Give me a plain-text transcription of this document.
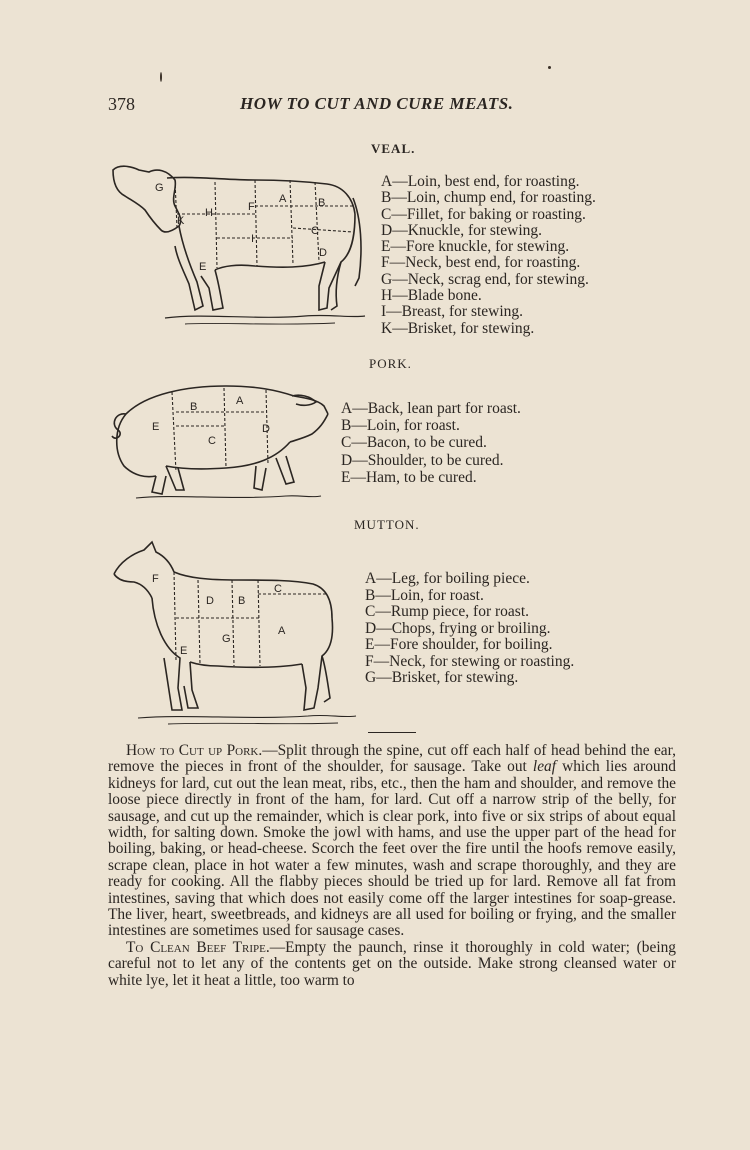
378	HOW TO CUT AND CURE MEATS.
VEAL.
G
K
H	F
A	B
I
C
E
D
A—Loin, best end, for roasting.
B—Loin, chump end, for roasting.
C—Fillet, for baking or roasting.
D—Knuckle, for stewing.
E—Fore knuckle, for stewing.
F—Neck, best end, for roasting.
G—Neck, scrag end, for stewing.
H—Blade bone.
I—Breast, for stewing.
K—Brisket, for stewing.
PORK.
B	A
E	D
C
A—Back, lean part for roast.
B—Loin, for roast.
C—Bacon, to be cured.
D—Shoulder, to be cured.
E—Ham, to be cured.
MUTTON.
F
D B
C
G
A
E
A—Leg, for boiling piece.
B—Loin, for roast.
C—Rump piece, for roast.
D—Chops, frying or broiling.
E—Fore shoulder, for boiling.
F—Neck, for stewing or roasting.
G—Brisket, for stewing.

How to Cut up Pork.—Split through the spine, cut off each half of head behind the ear, remove the pieces in front of the shoulder, for sausage. Take out leaf which lies around kidneys for lard, cut out the lean meat, ribs, etc., then the ham and shoulder, and remove the loose piece directly in front of the ham, for lard. Cut off a narrow strip of the belly, for sausage, and cut up the remainder, which is clear pork, into five or six strips of about equal width, for salting down. Smoke the jowl with hams, and use the upper part of the head for boiling, baking, or head-cheese. Scorch the feet over the fire until the hoofs remove easily, scrape clean, place in hot water a few minutes, wash and scrape thoroughly, and they are ready for cooking. All the flabby pieces should be tried up for lard. Remove all fat from intestines, saving that which does not easily come off the larger intestines for soap-grease. The liver, heart, sweetbreads, and kidneys are all used for boiling or frying, and the smaller intestines are sometimes used for sausage cases.

To Clean Beef Tripe.—Empty the paunch, rinse it thoroughly in cold water; (being careful not to let any of the contents get on the outside. Make strong cleansed water or white lye, let it heat a little, too warm to
